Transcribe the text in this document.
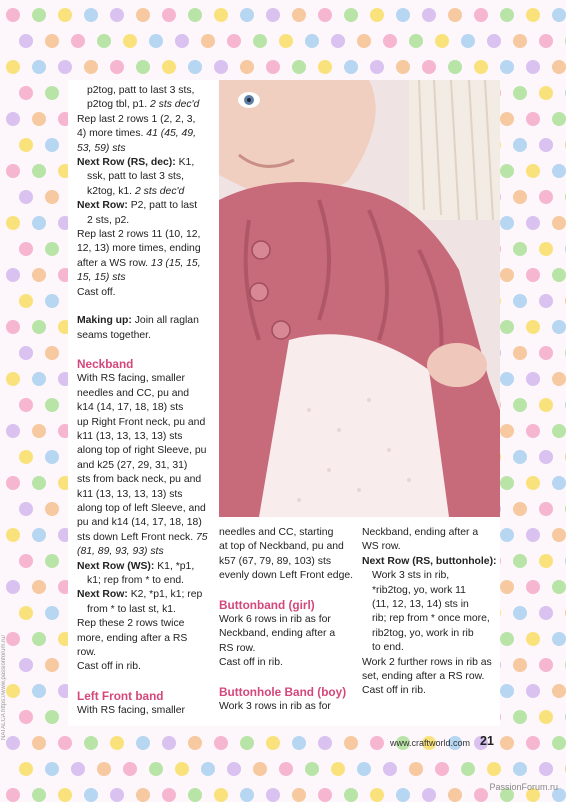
p2tog, patt to last 3 sts,

p2tog tbl, p1. 2 sts dec'd

Rep last 2 rows 1 (2, 2, 3,

4) more times. 41 (45, 49,

53, 59) sts

Next Row (RS, dec): K1,

ssk, patt to last 3 sts,

k2tog, k1. 2 sts dec'd

Next Row: P2, patt to last

2 sts, p2.

Rep last 2 rows 11 (10, 12,

12, 13) more times, ending

after a WS row. 13 (15, 15,

15, 15) sts

Cast off.

Making up: Join all raglan

seams together.

Neckband

With RS facing, smaller

needles and CC, pu and

k14 (14, 17, 18, 18) sts

up Right Front neck, pu and

k11 (13, 13, 13, 13) sts

along top of right Sleeve, pu

and k25 (27, 29, 31, 31)

sts from back neck, pu and

k11 (13, 13, 13, 13) sts

along top of left Sleeve, and

pu and k14 (14, 17, 18, 18)

sts down Left Front neck. 75

(81, 89, 93, 93) sts

Next Row (WS): K1, *p1,

k1; rep from * to end.

Next Row: K2, *p1, k1; rep

from * to last st, k1.

Rep these 2 rows twice

more, ending after a RS row.

Cast off in rib.

Left Front band

With RS facing, smaller

needles and CC, starting

at top of Neckband, pu and

k57 (67, 79, 89, 103) sts

evenly down Left Front edge.

Buttonband (girl)

Work 6 rows in rib as for

Neckband, ending after a

RS row.

Cast off in rib.

Buttonhole Band (boy)

Work 3 rows in rib as for

Neckband, ending after a

WS row.

Next Row (RS, buttonhole):

Work 3 sts in rib,

*rib2tog, yo, work 11

(11, 12, 13, 14) sts in

rib; rep from * once more,

rib2tog, yo, work in rib

to end.

Work 2 further rows in rib as

set, ending after a RS row.

Cast off in rib.

NATALCA https://www.passionforum.ru/
www.craftworld.com 21
PassionForum.ru
